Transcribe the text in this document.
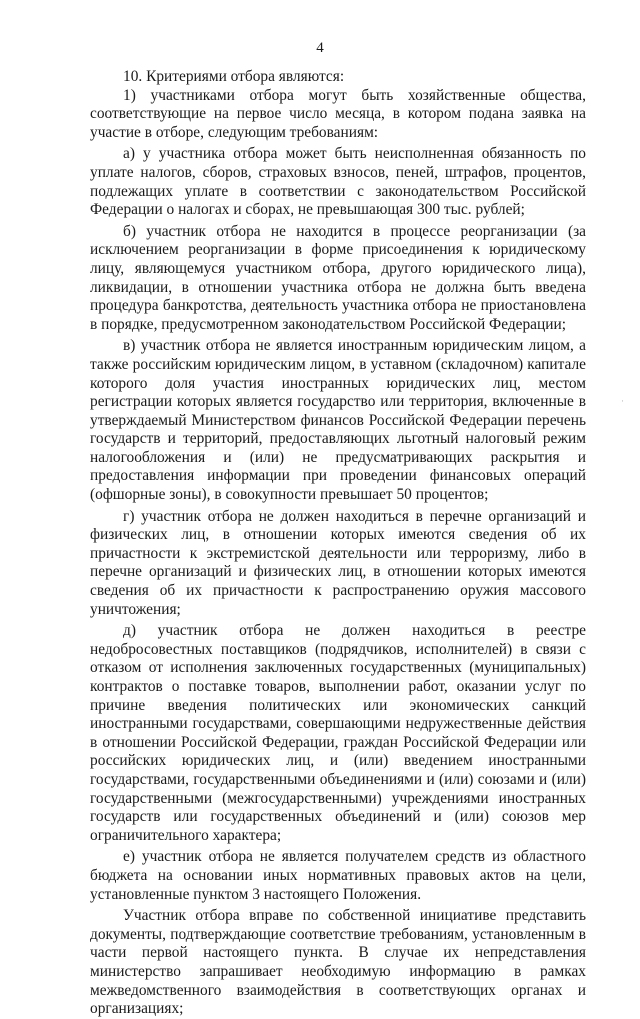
4

10. Критериями отбора являются:

1) участниками отбора могут быть хозяйственные общества, соответствующие на первое число месяца, в котором подана заявка на участие в отборе, следующим требованиям:

а) у участника отбора может быть неисполненная обязанность по уплате налогов, сборов, страховых взносов, пеней, штрафов, процентов, подлежащих уплате в соответствии с законодательством Российской Федерации о налогах и сборах, не превышающая 300 тыс. рублей;

б) участник отбора не находится в процессе реорганизации (за исключением реорганизации в форме присоединения к юридическому лицу, являющемуся участником отбора, другого юридического лица), ликвидации, в отношении участника отбора не должна быть введена процедура банкротства, деятельность участника отбора не приостановлена в порядке, предусмотренном законодательством Российской Федерации;

в) участник отбора не является иностранным юридическим лицом, а также российским юридическим лицом, в уставном (складочном) капитале которого доля участия иностранных юридических лиц, местом регистрации которых является государство или территория, включенные в утверждаемый Министерством финансов Российской Федерации перечень государств и территорий, предоставляющих льготный налоговый режим налогообложения и (или) не предусматривающих раскрытия и предоставления информации при проведении финансовых операций (офшорные зоны), в совокупности превышает 50 процентов;

г) участник отбора не должен находиться в перечне организаций и физических лиц, в отношении которых имеются сведения об их причастности к экстремистской деятельности или терроризму, либо в перечне организаций и физических лиц, в отношении которых имеются сведения об их причастности к распространению оружия массового уничтожения;

д) участник отбора не должен находиться в реестре недобросовестных поставщиков (подрядчиков, исполнителей) в связи с отказом от исполнения заключенных государственных (муниципальных) контрактов о поставке товаров, выполнении работ, оказании услуг по причине введения политических или экономических санкций иностранными государствами, совершающими недружественные действия в отношении Российской Федерации, граждан Российской Федерации или российских юридических лиц, и (или) введением иностранными государствами, государственными объединениями и (или) союзами и (или) государственными (межгосударственными) учреждениями иностранных государств или государственных объединений и (или) союзов мер ограничительного характера;

е) участник отбора не является получателем средств из областного бюджета на основании иных нормативных правовых актов на цели, установленные пунктом 3 настоящего Положения.

Участник отбора вправе по собственной инициативе представить документы, подтверждающие соответствие требованиям, установленным в части первой настоящего пункта. В случае их непредставления министерство запрашивает необходимую информацию в рамках межведомственного взаимодействия в соответствующих органах и организациях;

·
